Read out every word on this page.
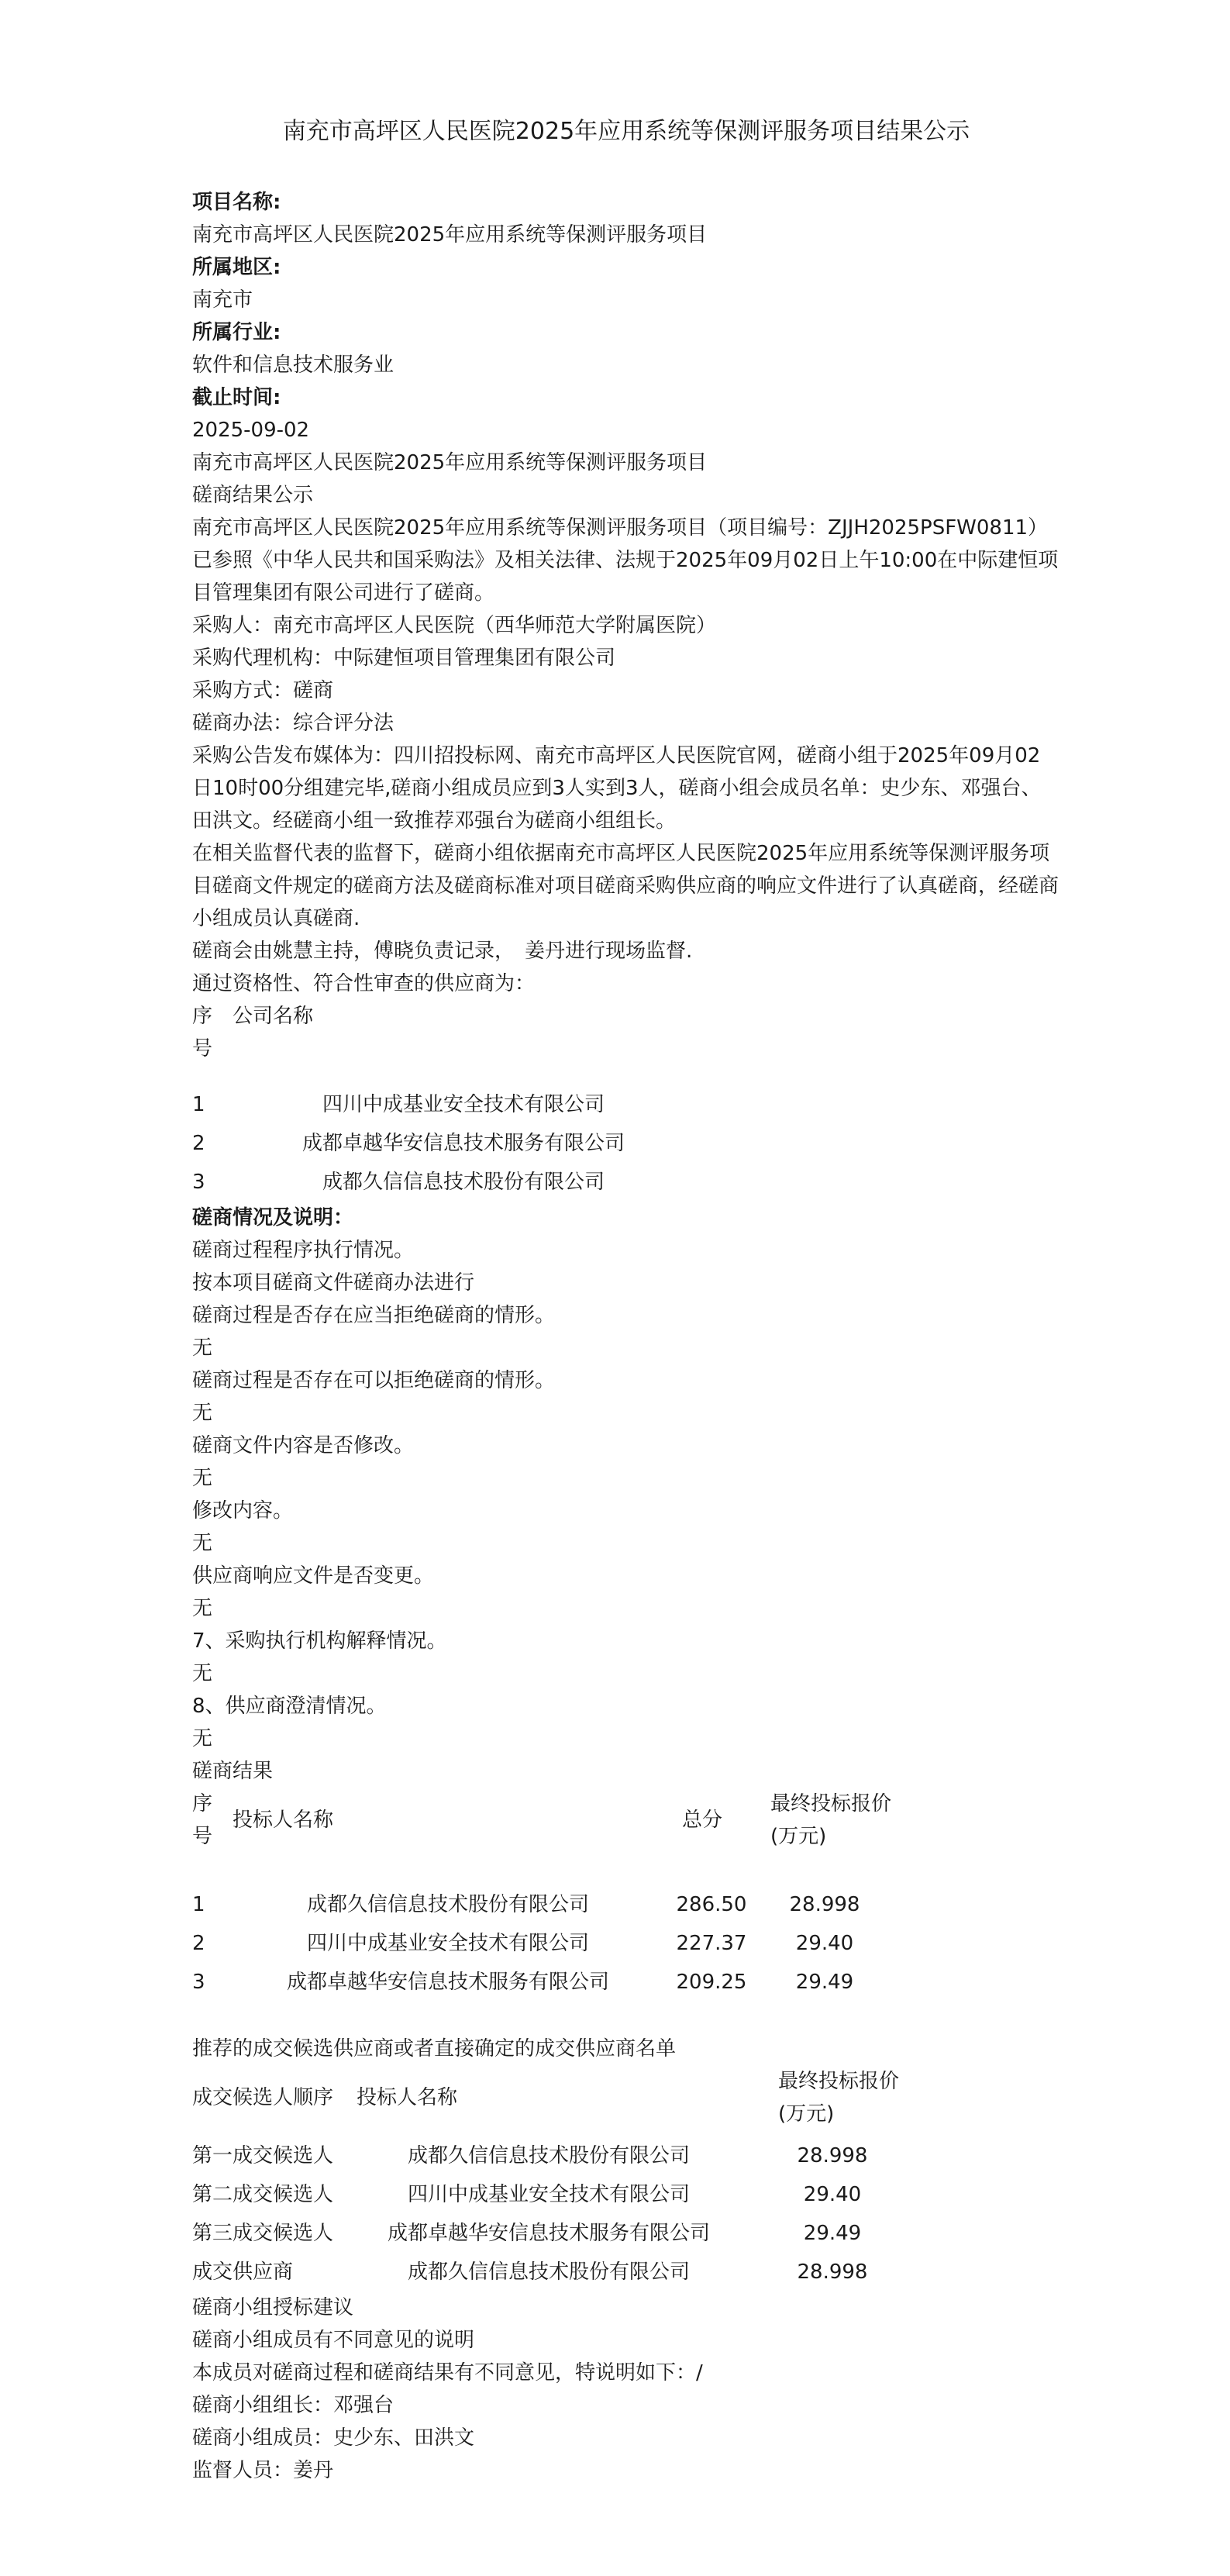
南充市高坪区人民医院2025年应用系统等保测评服务项目结果公示
项目名称:
南充市高坪区人民医院2025年应用系统等保测评服务项目
所属地区:
南充市
所属行业:
软件和信息技术服务业
截止时间:
2025-09-02
南充市高坪区人民医院2025年应用系统等保测评服务项目
磋商结果公示
南充市高坪区人民医院2025年应用系统等保测评服务项目（项目编号：ZJJH2025PSFW0811）已参照《中华人民共和国采购法》及相关法律、法规于2025年09月02日上午10:00在中际建恒项目管理集团有限公司进行了磋商。
采购人：南充市高坪区人民医院（西华师范大学附属医院）
采购代理机构：中际建恒项目管理集团有限公司
采购方式：磋商
磋商办法：综合评分法
采购公告发布媒体为：四川招投标网、南充市高坪区人民医院官网，磋商小组于2025年09月02日10时00分组建完毕,磋商小组成员应到3人实到3人，磋商小组会成员名单：史少东、邓强台、田洪文。经磋商小组一致推荐邓强台为磋商小组组长。
在相关监督代表的监督下，磋商小组依据南充市高坪区人民医院2025年应用系统等保测评服务项目磋商文件规定的磋商方法及磋商标准对项目磋商采购供应商的响应文件进行了认真磋商，经磋商小组成员认真磋商.
磋商会由姚慧主持，傅晓负责记录，　姜丹进行现场监督.
通过资格性、符合性审查的供应商为：
序号
公司名称
1	四川中成基业安全技术有限公司
2	成都卓越华安信息技术服务有限公司
3	成都久信信息技术股份有限公司
磋商情况及说明：
磋商过程程序执行情况。
按本项目磋商文件磋商办法进行
磋商过程是否存在应当拒绝磋商的情形。
无
磋商过程是否存在可以拒绝磋商的情形。
无
磋商文件内容是否修改。
无
修改内容。
无
供应商响应文件是否变更。
无
7、采购执行机构解释情况。
无
8、供应商澄清情况。
无
磋商结果
序号
投标人名称	总分
最终投标报价
(万元)
1	成都久信信息技术股份有限公司	286.50	28.998
2	四川中成基业安全技术有限公司	227.37	29.40
3	成都卓越华安信息技术服务有限公司	209.25	29.49
推荐的成交候选供应商或者直接确定的成交供应商名单
成交候选人顺序 投标人名称
最终投标报价
(万元)
第一成交候选人	成都久信信息技术股份有限公司	28.998
第二成交候选人	四川中成基业安全技术有限公司	29.40
第三成交候选人	成都卓越华安信息技术服务有限公司	29.49
成交供应商	成都久信信息技术股份有限公司	28.998
磋商小组授标建议
磋商小组成员有不同意见的说明
本成员对磋商过程和磋商结果有不同意见，特说明如下：/
磋商小组组长：邓强台
磋商小组成员：史少东、田洪文
监督人员：姜丹
